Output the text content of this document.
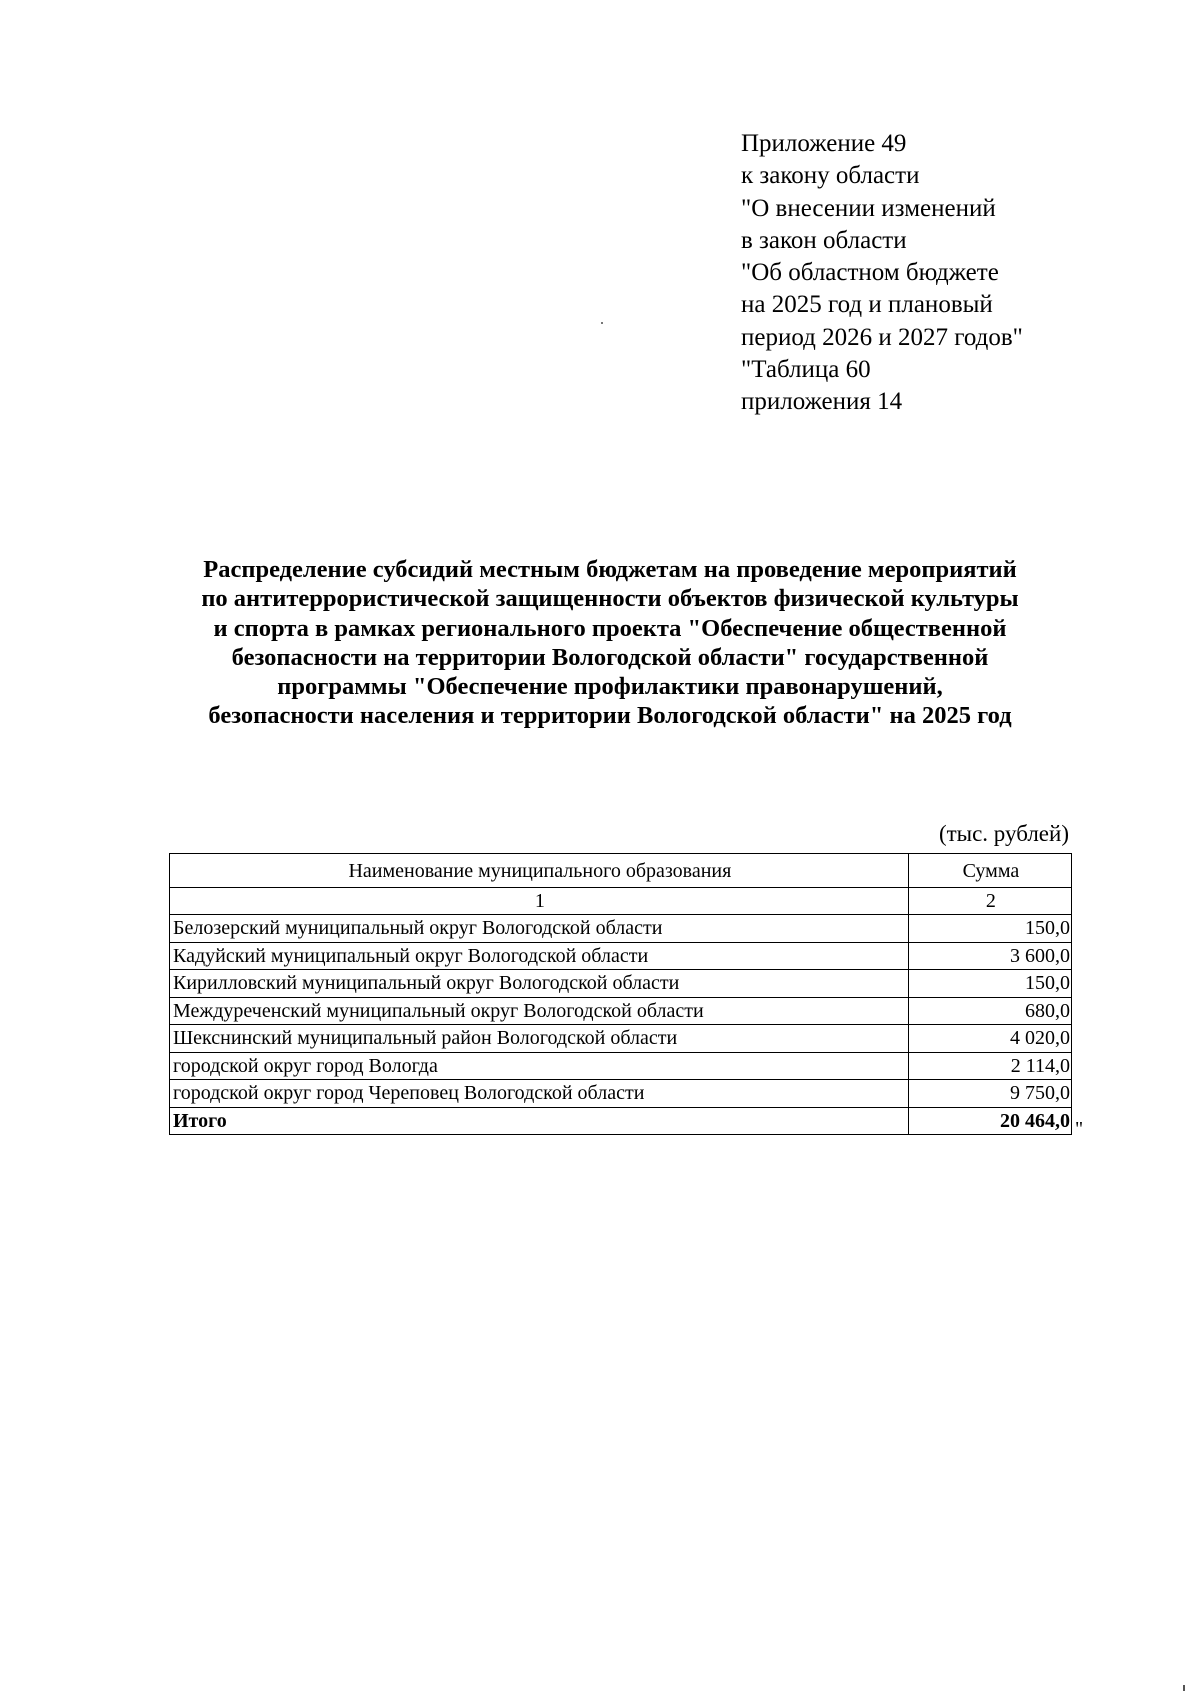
Приложение 49
к закону области
"О внесении изменений
в закон области
"Об областном бюджете
на 2025 год и плановый
период 2026 и 2027 годов"
"Таблица 60
приложения 14
Распределение субсидий местным бюджетам на проведение мероприятий
по антитеррористической защищенности объектов физической культуры
и спорта в рамках регионального проекта "Обеспечение общественной
безопасности на территории Вологодской области" государственной
программы "Обеспечение профилактики правонарушений,
безопасности населения и территории Вологодской области" на 2025 год
(тыс. рублей)
Наименование муниципального образования	Сумма
1	2
Белозерский муниципальный округ Вологодской области	150,0
Кадуйский муниципальный округ Вологодской области	3 600,0
Кирилловский муниципальный округ Вологодской области	150,0
Междуреченский муниципальный округ Вологодской области	680,0
Шекснинский муниципальный район Вологодской области	4 020,0
городской округ город Вологда	2 114,0
городской округ город Череповец Вологодской области	9 750,0
Итого	20 464,0 "
